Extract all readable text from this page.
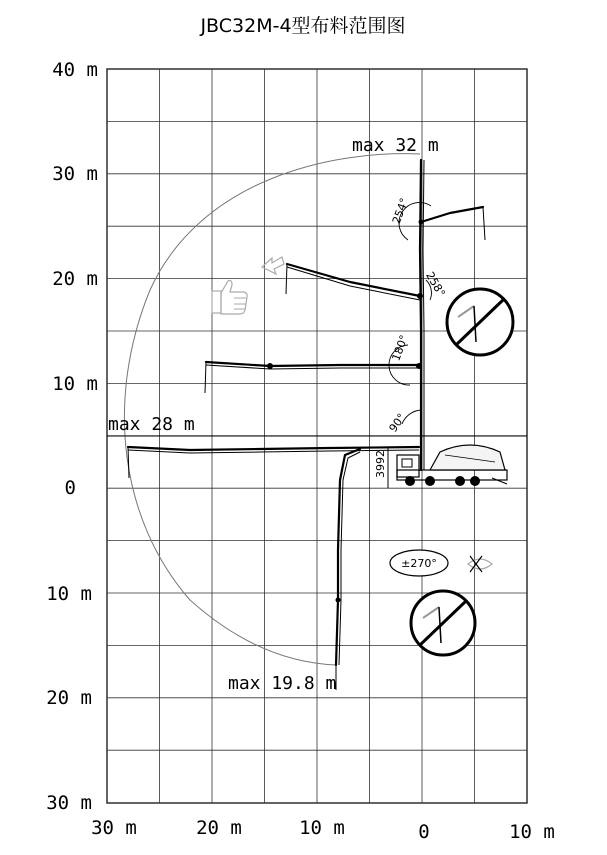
JBC32M-4型布料范围图
40 m
30 m
20 m
10 m
0
10 m
20 m
30 m
30 m	20 m	10 m	0	10 m
254°
258°
180°
90°
3992
max 32 m
max 28 m
max 19.8 m
±270°
